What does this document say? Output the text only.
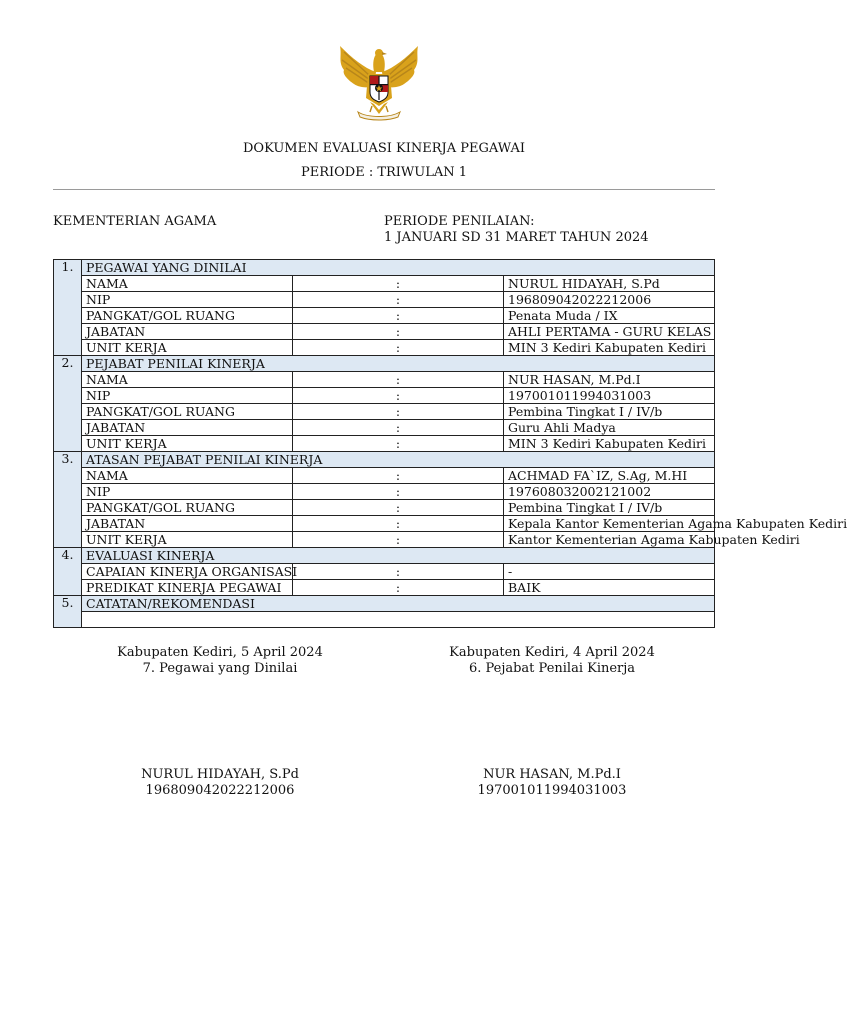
DOKUMEN EVALUASI KINERJA PEGAWAI
PERIODE : TRIWULAN 1
KEMENTERIAN AGAMA	PERIODE PENILAIAN:
1 JANUARI SD 31 MARET TAHUN 2024
1.	PEGAWAI YANG DINILAI		
	NAMA	:	NURUL HIDAYAH, S.Pd
	NIP	:	196809042022212006
	PANGKAT/GOL RUANG	:	Penata Muda / IX
	JABATAN	:	AHLI PERTAMA - GURU KELAS
	UNIT KERJA	:	MIN 3 Kediri Kabupaten Kediri
2.	PEJABAT PENILAI KINERJA		
	NAMA	:	NUR HASAN, M.Pd.I
	NIP	:	197001011994031003
	PANGKAT/GOL RUANG	:	Pembina Tingkat I / IV/b
	JABATAN	:	Guru Ahli Madya
	UNIT KERJA	:	MIN 3 Kediri Kabupaten Kediri
3.	ATASAN PEJABAT PENILAI KINERJA		
	NAMA	:	ACHMAD FA`IZ, S.Ag, M.HI
	NIP	:	197608032002121002
	PANGKAT/GOL RUANG	:	Pembina Tingkat I / IV/b
	JABATAN	:	Kepala Kantor Kementerian Agama Kabupaten Kediri
	UNIT KERJA	:	Kantor Kementerian Agama Kabupaten Kediri
4.	EVALUASI KINERJA		
	CAPAIAN KINERJA ORGANISASI	:	-
	PREDIKAT KINERJA PEGAWAI	:	BAIK
5.	CATATAN/REKOMENDASI		

Kabupaten Kediri, 5 April 2024
7. Pegawai yang Dinilai
Kabupaten Kediri, 4 April 2024
6. Pejabat Penilai Kinerja
NURUL HIDAYAH, S.Pd
196809042022212006
NUR HASAN, M.Pd.I
197001011994031003
